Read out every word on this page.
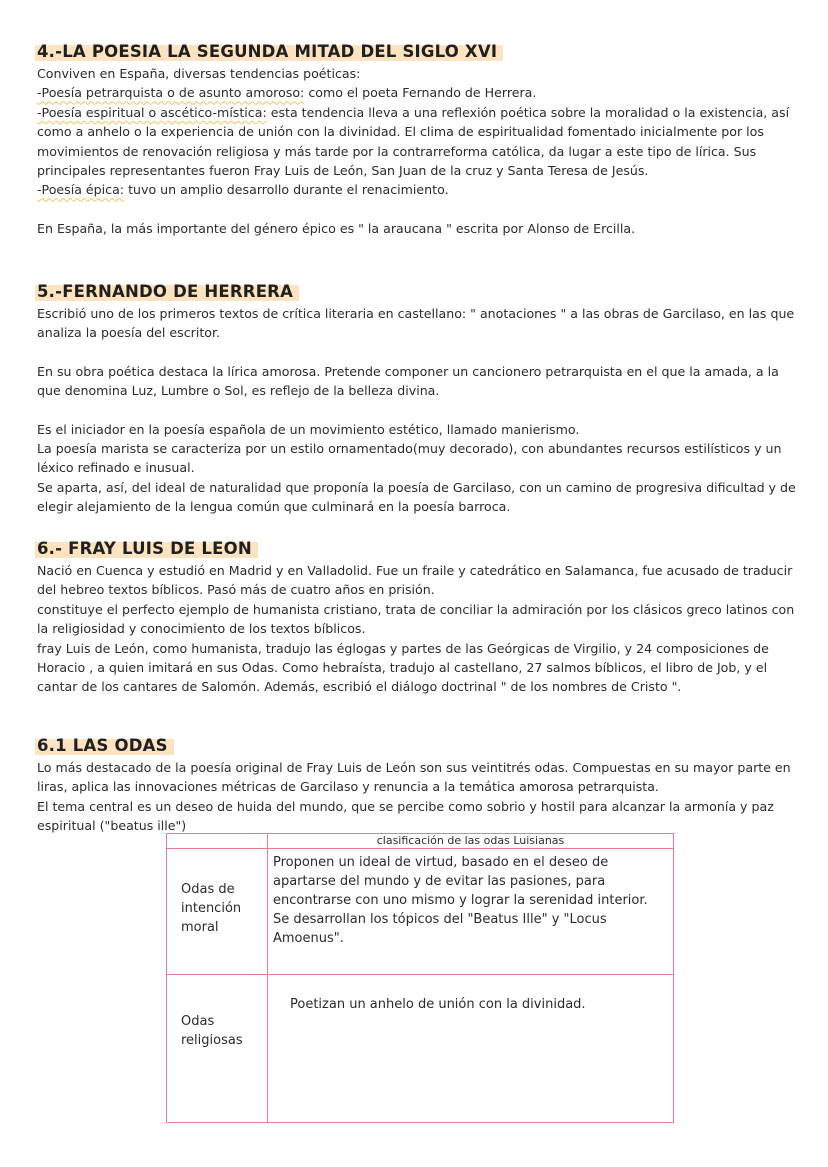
4.-LA POESIA LA SEGUNDA MITAD DEL SIGLO XVI

Conviven en España, diversas tendencias poéticas:

-Poesía petrarquista o de asunto amoroso: como el poeta Fernando de Herrera.

-Poesía espiritual o ascético-mística: esta tendencia lleva a una reflexión poética sobre la moralidad o la existencia, así como a anhelo o la experiencia de unión con la divinidad. El clima de espiritualidad fomentado inicialmente por los movimientos de renovación religiosa y más tarde por la contrarreforma católica, da lugar a este tipo de lírica. Sus principales representantes fueron Fray Luis de León, San Juan de la cruz y Santa Teresa de Jesús.

-Poesía épica: tuvo un amplio desarrollo durante el renacimiento.

En España, la más importante del género épico es " la araucana " escrita por Alonso de Ercilla.

5.-FERNANDO DE HERRERA

Escribió uno de los primeros textos de crítica literaria en castellano: " anotaciones " a las obras de Garcilaso, en las que analiza la poesía del escritor.

En su obra poética destaca la lírica amorosa. Pretende componer un cancionero petrarquista en el que la amada, a la que denomina Luz, Lumbre o Sol, es reflejo de la belleza divina.

Es el iniciador en la poesía española de un movimiento estético, llamado manierismo.

La poesía marista se caracteriza por un estilo ornamentado(muy decorado), con abundantes recursos estilísticos y un léxico refinado e inusual.

Se aparta, así, del ideal de naturalidad que proponía la poesía de Garcilaso, con un camino de progresiva dificultad y de elegir alejamiento de la lengua común que culminará en la poesía barroca.

6.- FRAY LUIS DE LEON

Nació en Cuenca y estudió en Madrid y en Valladolid. Fue un fraile y catedrático en Salamanca, fue acusado de traducir del hebreo textos bíblicos. Pasó más de cuatro años en prisión.

constituye el perfecto ejemplo de humanista cristiano, trata de conciliar la admiración por los clásicos greco latinos con la religiosidad y conocimiento de los textos bíblicos.

fray Luis de León, como humanista, tradujo las églogas y partes de las Geórgicas de Virgilio, y 24 composiciones de Horacio , a quien imitará en sus Odas. Como hebraísta, tradujo al castellano, 27 salmos bíblicos, el libro de Job, y el cantar de los cantares de Salomón. Además, escribió el diálogo doctrinal " de los nombres de Cristo ".

6.1 LAS ODAS

Lo más destacado de la poesía original de Fray Luis de León son sus veintitrés odas. Compuestas en su mayor parte en liras, aplica las innovaciones métricas de Garcilaso y renuncia a la temática amorosa petrarquista.

El tema central es un deseo de huida del mundo, que se percibe como sobrio y hostil para alcanzar la armonía y paz espiritual ("beatus ille")

	clasificación de las odas Luisianas
Odas de intención moral	Proponen un ideal de virtud, basado en el deseo de apartarse del mundo y de evitar las pasiones, para encontrarse con uno mismo y lograr la serenidad interior.
Se desarrollan los tópicos del "Beatus Ille" y "Locus Amoenus".

Odas religiosas	Poetizan un anhelo de unión con la divinidad.
